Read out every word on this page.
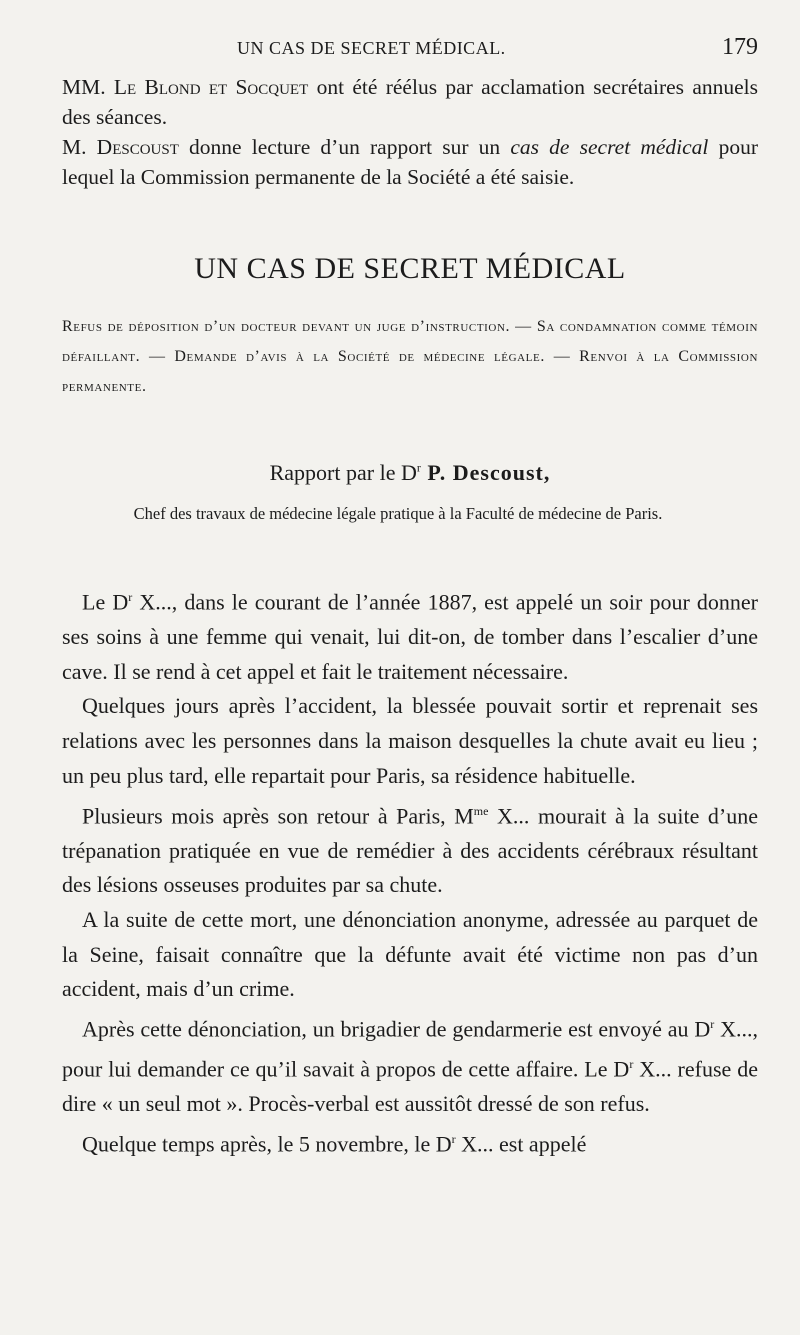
UN CAS DE SECRET MÉDICAL.	179

MM. Le Blond et Socquet ont été réélus par acclamation secrétaires annuels des séances.

M. Descoust donne lecture d’un rapport sur un cas de secret médical pour lequel la Commission permanente de la Société a été saisie.

UN CAS DE SECRET MÉDICAL
Refus de déposition d’un docteur devant un juge d’instruction. — Sa condamnation comme témoin défaillant. — Demande d’avis à la Société de médecine légale. — Renvoi à la Commission permanente.
Rapport par le $D^r$ P. Descoust,
Chef des travaux de médecine légale pratique à la Faculté de médecine de Paris.

Le $D^r$ X..., dans le courant de l’année 1887, est appelé un soir pour donner ses soins à une femme qui venait, lui dit-on, de tomber dans l’escalier d’une cave. Il se rend à cet appel et fait le traitement nécessaire.

Quelques jours après l’accident, la blessée pouvait sortir et reprenait ses relations avec les personnes dans la maison desquelles la chute avait eu lieu ; un peu plus tard, elle repartait pour Paris, sa résidence habituelle.

Plusieurs mois après son retour à Paris, $M^{me}$ X... mourait à la suite d’une trépanation pratiquée en vue de remédier à des accidents cérébraux résultant des lésions osseuses produites par sa chute.

A la suite de cette mort, une dénonciation anonyme, adressée au parquet de la Seine, faisait connaître que la défunte avait été victime non pas d’un accident, mais d’un crime.

Après cette dénonciation, un brigadier de gendarmerie est envoyé au $D^r$ X..., pour lui demander ce qu’il savait à propos de cette affaire. Le $D^r$ X... refuse de dire « un seul mot ». Procès-verbal est aussitôt dressé de son refus.

Quelque temps après, le 5 novembre, le $D^r$ X... est appelé
